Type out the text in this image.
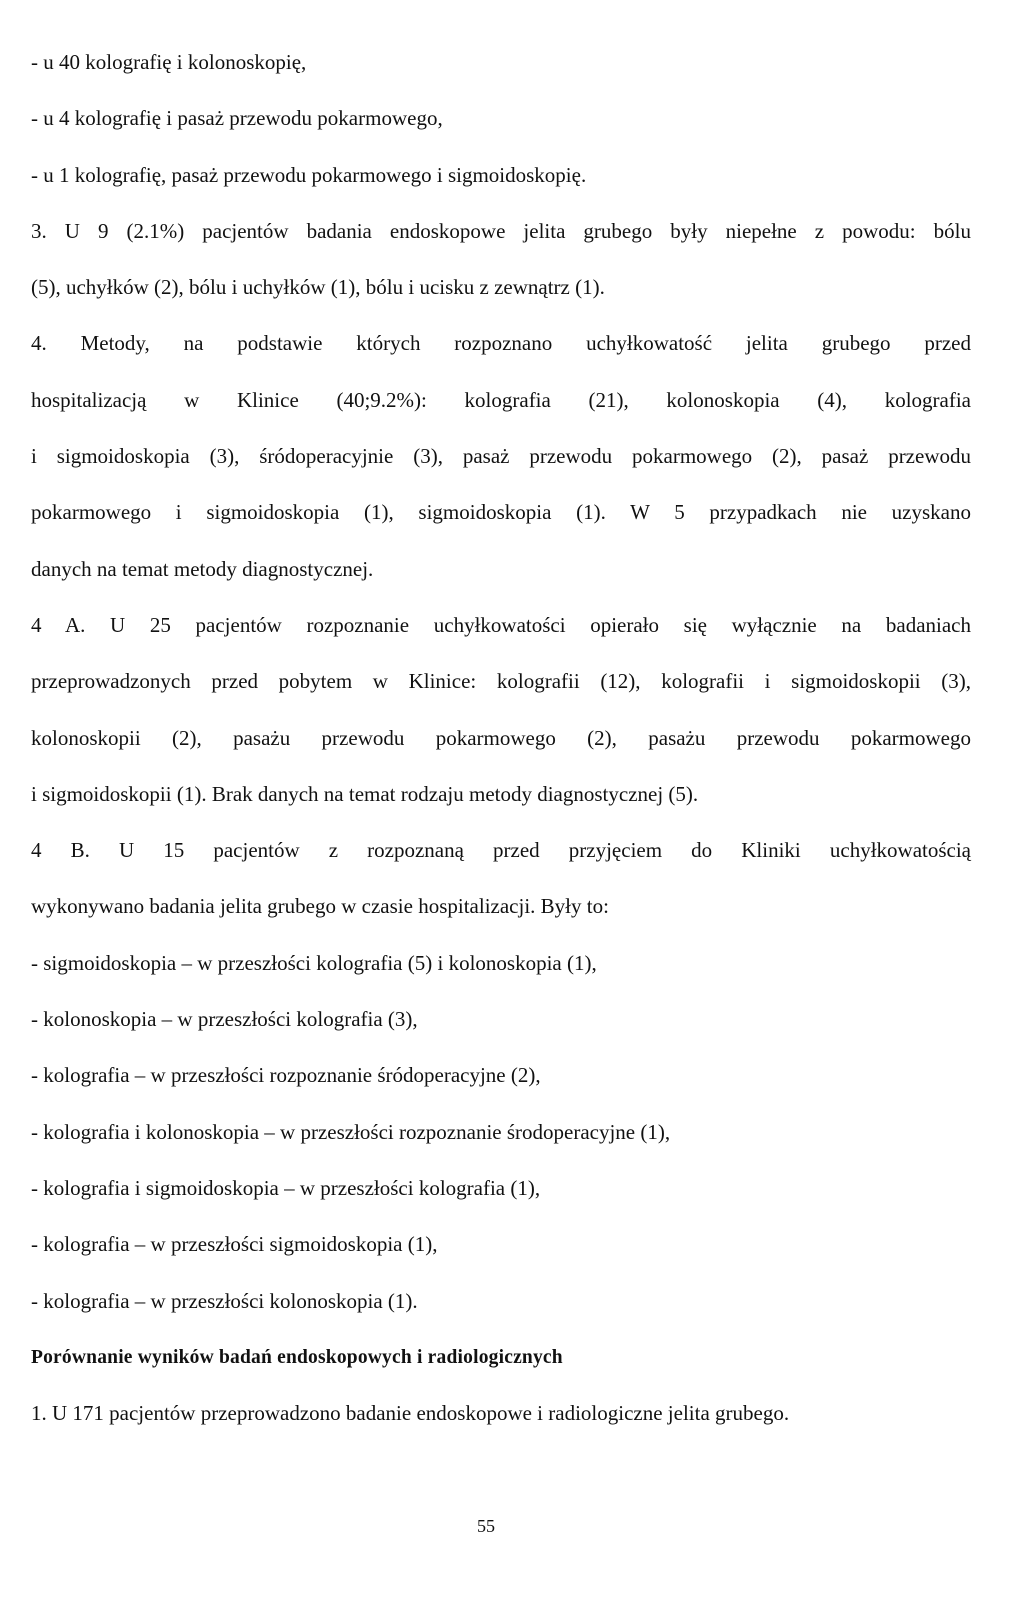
- u 40 kolografię i kolonoskopię,
- u 4 kolografię i pasaż przewodu pokarmowego,
- u 1 kolografię, pasaż przewodu pokarmowego i sigmoidoskopię.
3. U 9 (2.1%) pacjentów badania endoskopowe jelita grubego były niepełne z powodu: bólu
(5), uchyłków (2), bólu i uchyłków (1), bólu i ucisku z zewnątrz (1).
4. Metody, na podstawie których rozpoznano uchyłkowatość jelita grubego przed
hospitalizacją w Klinice (40;9.2%): kolografia (21), kolonoskopia (4), kolografia
i sigmoidoskopia (3), śródoperacyjnie (3), pasaż przewodu pokarmowego (2), pasaż przewodu
pokarmowego i sigmoidoskopia (1), sigmoidoskopia (1). W 5 przypadkach nie uzyskano
danych na temat metody diagnostycznej.
4 A. U 25 pacjentów rozpoznanie uchyłkowatości opierało się wyłącznie na badaniach
przeprowadzonych przed pobytem w Klinice: kolografii (12), kolografii i sigmoidoskopii (3),
kolonoskopii (2), pasażu przewodu pokarmowego (2), pasażu przewodu pokarmowego
i sigmoidoskopii (1). Brak danych na temat rodzaju metody diagnostycznej (5).
4 B. U 15 pacjentów z rozpoznaną przed przyjęciem do Kliniki uchyłkowatością
wykonywano badania jelita grubego w czasie hospitalizacji. Były to:
- sigmoidoskopia – w przeszłości kolografia (5) i kolonoskopia (1),
- kolonoskopia – w przeszłości kolografia (3),
- kolografia – w przeszłości rozpoznanie śródoperacyjne (2),
- kolografia i kolonoskopia – w przeszłości rozpoznanie środoperacyjne (1),
- kolografia i sigmoidoskopia – w przeszłości kolografia (1),
- kolografia – w przeszłości sigmoidoskopia (1),
- kolografia – w przeszłości kolonoskopia (1).
Porównanie wyników badań endoskopowych i radiologicznych
1. U 171 pacjentów przeprowadzono badanie endoskopowe i radiologiczne jelita grubego.
55
